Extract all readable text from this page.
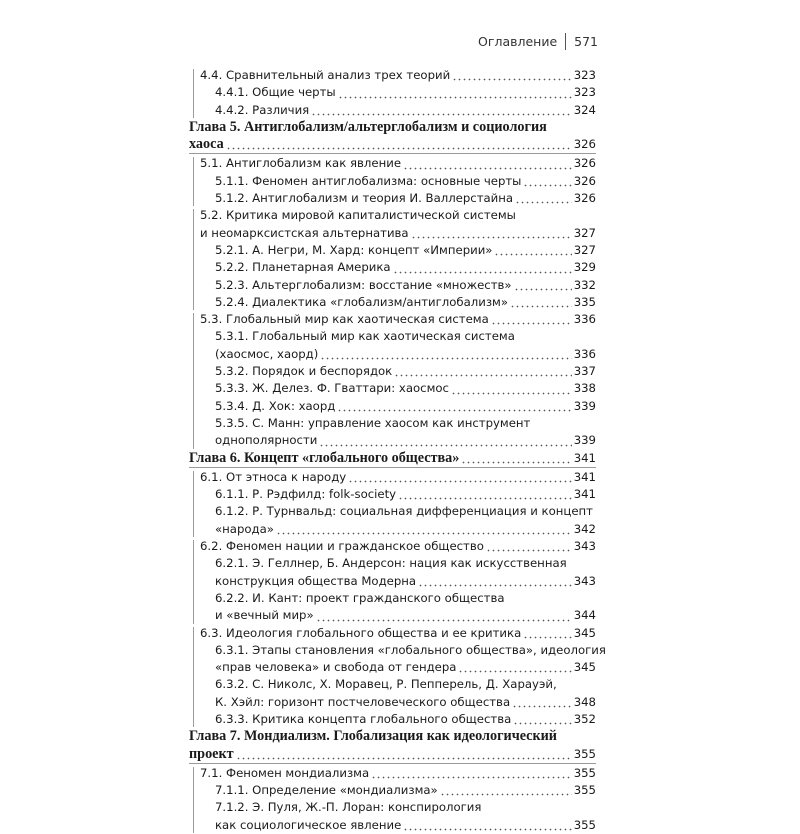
Оглавление 571
4.4. Сравнительный анализ трех теорий	323
4.4.1. Общие черты	323
4.4.2. Различия	324
Глава 5. Антиглобализм/альтерглобализм и социология
хаоса	326
5.1. Антиглобализм как явление	326
5.1.1. Феномен антиглобализма: основные черты	326
5.1.2. Антиглобализм и теория И. Валлерстайна	326
5.2. Критика мировой капиталистической системы
и неомарксистская альтернатива	327
5.2.1. А. Негри, М. Хард: концепт «Империи»	327
5.2.2. Планетарная Америка	329
5.2.3. Альтерглобализм: восстание «множеств»	332
5.2.4. Диалектика «глобализм/антиглобализм»	335
5.3. Глобальный мир как хаотическая система	336
5.3.1. Глобальный мир как хаотическая система
(хаосмос, хаорд)	336
5.3.2. Порядок и беспорядок	337
5.3.3. Ж. Делез. Ф. Гваттари: хаосмос	338
5.3.4. Д. Хок: хаорд	339
5.3.5. С. Манн: управление хаосом как инструмент
однополярности	339
Глава 6. Концепт «глобального общества»	341
6.1. От этноса к народу	341
6.1.1. Р. Рэдфилд: folk-society	341
6.1.2. Р. Турнвальд: социальная дифференциация и концепт
«народа»	342
6.2. Феномен нации и гражданское общество	343
6.2.1. Э. Геллнер, Б. Андерсон: нация как искусственная
конструкция общества Модерна	343
6.2.2. И. Кант: проект гражданского общества
и «вечный мир»	344
6.3. Идеология глобального общества и ее критика	345
6.3.1. Этапы становления «глобального общества», идеология
«прав человека» и свобода от гендера	345
6.3.2. С. Николс, Х. Моравец, Р. Пепперель, Д. Харауэй,
К. Хэйл: горизонт постчеловеческого общества	348
6.3.3. Критика концепта глобального общества	352
Глава 7. Мондиализм. Глобализация как идеологический
проект	355
7.1. Феномен мондиализма	355
7.1.1. Определение «мондиализма»	355
7.1.2. Э. Пуля, Ж.-П. Лоран: конспирология
как социологическое явление	355
